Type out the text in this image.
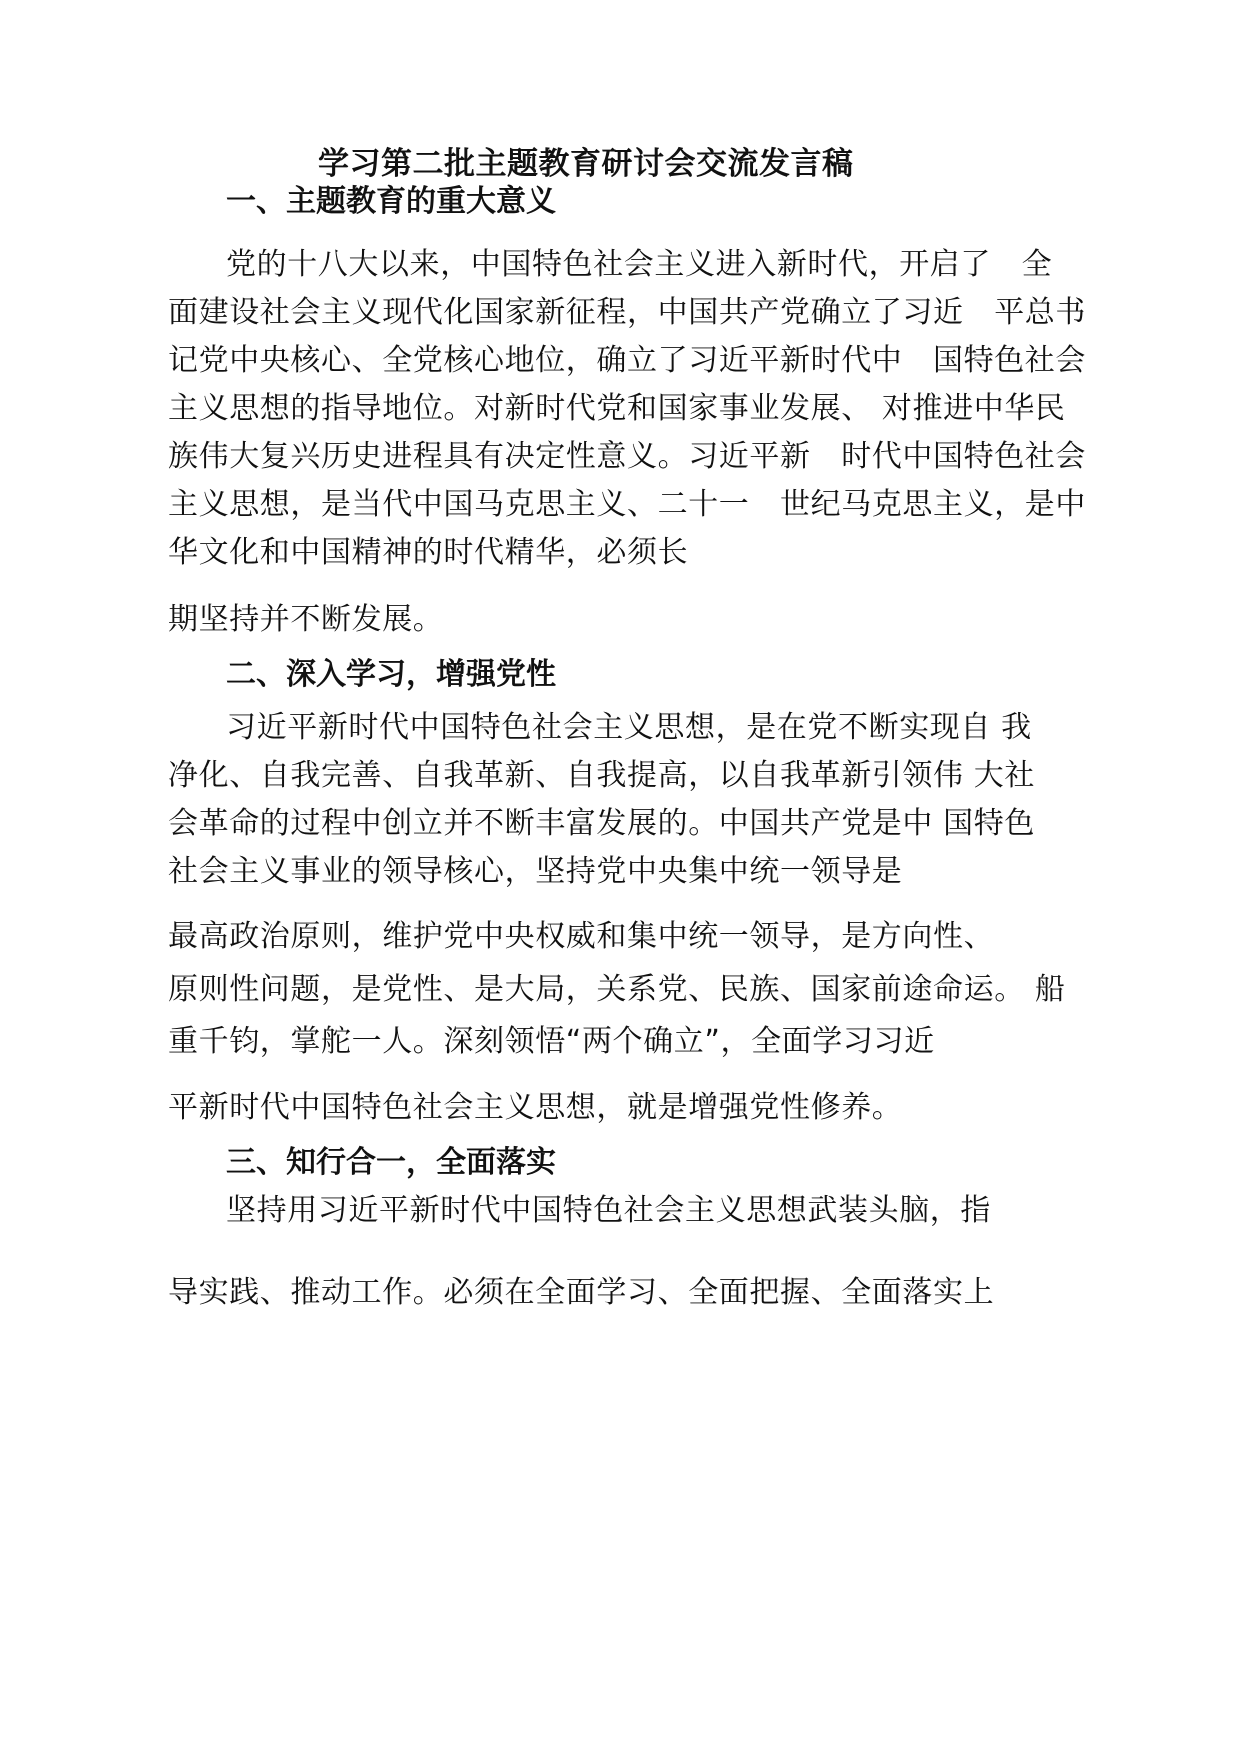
学习第二批主题教育研讨会交流发言稿
一、主题教育的重大意义
党的十八大以来，中国特色社会主义进入新时代，开启了　全
面建设社会主义现代化国家新征程，中国共产党确立了习近　平总书
记党中央核心、全党核心地位，确立了习近平新时代中　国特色社会
主义思想的指导地位。对新时代党和国家事业发展、 对推进中华民
族伟大复兴历史进程具有决定性意义。习近平新　时代中国特色社会
主义思想，是当代中国马克思主义、二十一　世纪马克思主义，是中
华文化和中国精神的时代精华，必须长
期坚持并不断发展。
二、深入学习，增强党性
习近平新时代中国特色社会主义思想，是在党不断实现自 我
净化、自我完善、自我革新、自我提高，以自我革新引领伟 大社
会革命的过程中创立并不断丰富发展的。中国共产党是中 国特色
社会主义事业的领导核心，坚持党中央集中统一领导是
最高政治原则，维护党中央权威和集中统一领导，是方向性、
原则性问题，是党性、是大局，关系党、民族、国家前途命运。 船
重千钧，掌舵一人。深刻领悟“两个确立”，全面学习习近
平新时代中国特色社会主义思想，就是增强党性修养。
三、知行合一，全面落实
坚持用习近平新时代中国特色社会主义思想武装头脑，指
导实践、推动工作。必须在全面学习、全面把握、全面落实上
